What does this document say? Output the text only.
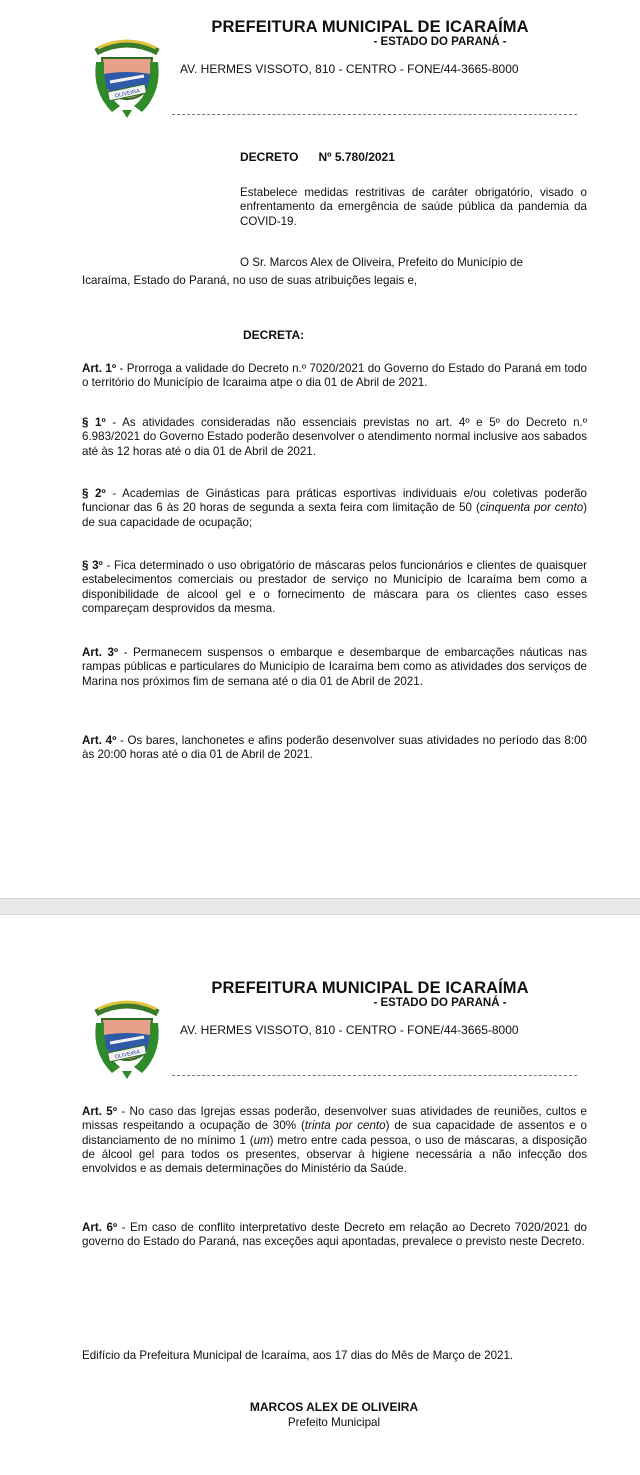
OLIVEIRA
PREFEITURA MUNICIPAL DE ICARAÍMA
- ESTADO DO PARANÁ -
AV. HERMES VISSOTO, 810 - CENTRO - FONE/44-3665-8000
DECRETO Nº 5.780/2021
Estabelece medidas restritivas de caráter obrigatório, visado o enfrentamento da emergência de saúde pública da pandemia da COVID-19.
O Sr. Marcos Alex de Oliveira, Prefeito do Município de
Icaraíma, Estado do Paraná, no uso de suas atribuições legais e,
DECRETA:
Art. 1º - Prorroga a validade do Decreto n.º 7020/2021 do Governo do Estado do Paraná em todo o território do Município de Icaraima atpe o dia 01 de Abril de 2021.
§ 1º - As atividades consideradas não essenciais previstas no art. 4º e 5º do Decreto n.º 6.983/2021 do Governo Estado poderão desenvolver o atendimento normal inclusive aos sabados até às 12 horas até o dia 01 de Abril de 2021.
§ 2º - Academias de Ginásticas para práticas esportivas individuais e/ou coletivas poderão funcionar das 6 às 20 horas de segunda a sexta feira com limitação de 50 (cinquenta por cento) de sua capacidade de ocupação;
§ 3º - Fica determinado o uso obrigatório de máscaras pelos funcionários e clientes de quaisquer estabelecimentos comerciais ou prestador de serviço no Município de Icaraíma bem como a disponibilidade de alcool gel e o fornecimento de máscara para os clientes caso esses compareçam desprovidos da mesma.
Art. 3º - Permanecem suspensos o embarque e desembarque de embarcações náuticas nas rampas públicas e particulares do Município de Icaraíma bem como as atividades dos serviços de Marina nos próximos fim de semana até o dia 01 de Abril de 2021.
Art. 4º - Os bares, lanchonetes e afins poderão desenvolver suas atividades no período das 8:00 às 20:00 horas até o dia 01 de Abril de 2021.
OLIVEIRA
PREFEITURA MUNICIPAL DE ICARAÍMA
- ESTADO DO PARANÁ -
AV. HERMES VISSOTO, 810 - CENTRO - FONE/44-3665-8000
Art. 5º - No caso das Igrejas essas poderão, desenvolver suas atividades de reuniões, cultos e missas respeitando a ocupação de 30% (trinta por cento) de sua capacidade de assentos e o distanciamento de no mínimo 1 (um) metro entre cada pessoa, o uso de máscaras, a disposição de álcool gel para todos os presentes, observar à higiene necessária a não infecção dos envolvidos e as demais determinações do Ministério da Saúde.
Art. 6º - Em caso de conflito interpretativo deste Decreto em relação ao Decreto 7020/2021 do governo do Estado do Paraná, nas exceções aqui apontadas, prevalece o previsto neste Decreto.
Edifício da Prefeitura Municipal de Icaraíma, aos 17 dias do Mês de Março de 2021.
MARCOS ALEX DE OLIVEIRA
Prefeito Municipal
